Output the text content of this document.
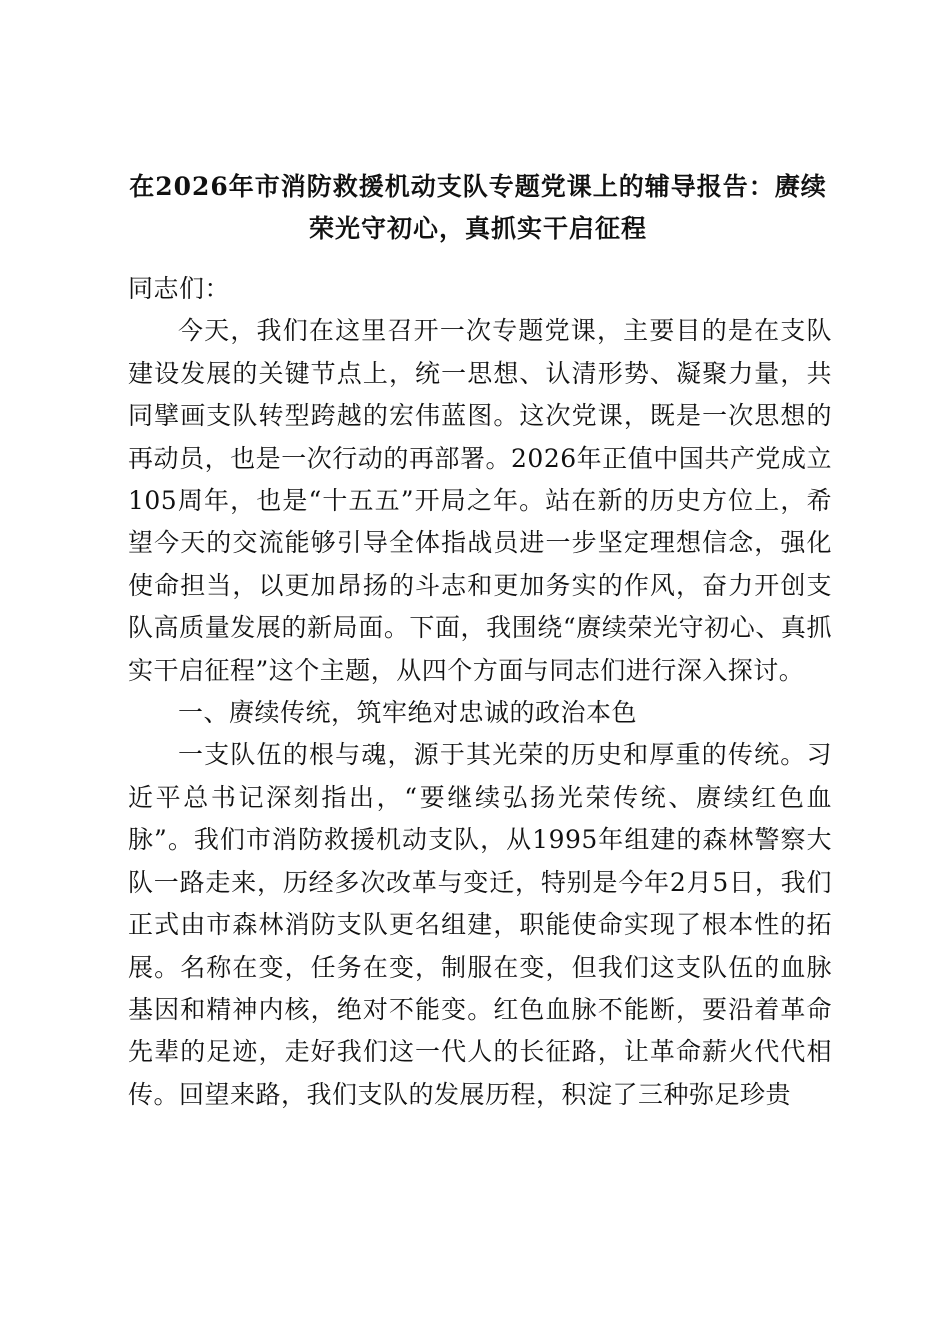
在2026年市消防救援机动支队专题党课上的辅导报告：赓续荣光守初心，真抓实干启征程

同志们：

今天，我们在这里召开一次专题党课，主要目的是在支队建设发展的关键节点上，统一思想、认清形势、凝聚力量，共同擘画支队转型跨越的宏伟蓝图。这次党课，既是一次思想的再动员，也是一次行动的再部署。2026年正值中国共产党成立105周年，也是“十五五”开局之年。站在新的历史方位上，希望今天的交流能够引导全体指战员进一步坚定理想信念，强化使命担当，以更加昂扬的斗志和更加务实的作风，奋力开创支队高质量发展的新局面。下面，我围绕“赓续荣光守初心、真抓实干启征程”这个主题，从四个方面与同志们进行深入探讨。

一、赓续传统，筑牢绝对忠诚的政治本色

一支队伍的根与魂，源于其光荣的历史和厚重的传统。习近平总书记深刻指出，“要继续弘扬光荣传统、赓续红色血脉”。我们市消防救援机动支队，从1995年组建的森林警察大队一路走来，历经多次改革与变迁，特别是今年2月5日，我们正式由市森林消防支队更名组建，职能使命实现了根本性的拓展。名称在变，任务在变，制服在变，但我们这支队伍的血脉基因和精神内核，绝对不能变。红色血脉不能断，要沿着革命先辈的足迹，走好我们这一代人的长征路，让革命薪火代代相传。回望来路，我们支队的发展历程，积淀了三种弥足珍贵
